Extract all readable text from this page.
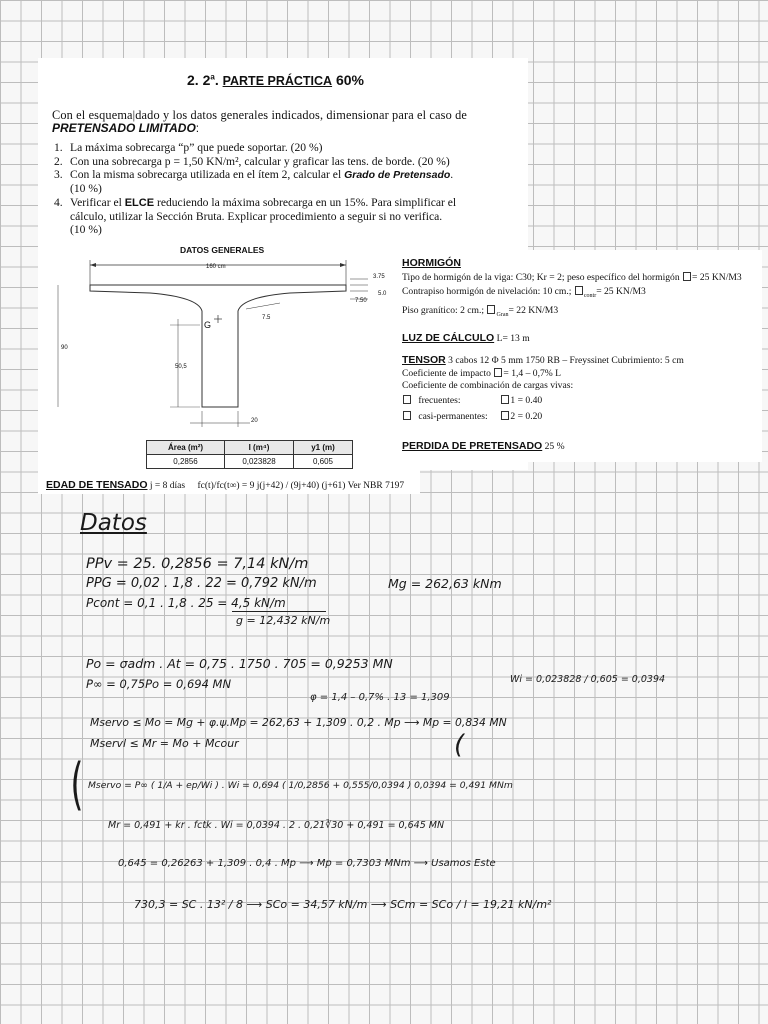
2. 2$^a$. PARTE PRÁCTICA 60%
Con el esquema|dado y los datos generales indicados, dimensionar para el caso de
PRETENSADO LIMITADO:
1. La máxima sobrecarga “p” que puede soportar. (20 %)
2. Con una sobrecarga p = 1,50 KN/m², calcular y graficar las tens. de borde. (20 %)
3. Con la misma sobrecarga utilizada en el ítem 2, calcular el Grado de Pretensado.
(10 %)
4. Verificar el ELCE reduciendo la máxima sobrecarga en un 15%. Para simplificar el
cálculo, utilizar la Sección Bruta. Explicar procedimiento a seguir si no verifica.
(10 %)
DATOS GENERALES
160 cm
3.75
5.0
7.50
7.5
90
50,5
20
G
Área (m²)	I (m⁴)	y1 (m)
0,2856	0,023828	0,605
HORMIGÓN
Tipo de hormigón de la viga: C30; Kr = 2; peso específico del hormigón = 25 KN/M3
Contrapiso hormigón de nivelación: 10 cm.; $_{contr}$= 25 KN/M3
Piso granítico: 2 cm.; $_{Gran}$= 22 KN/M3
LUZ DE CÁLCULO L= 13 m
TENSOR 3 cabos 12 Φ 5 mm 1750 RB – Freyssinet Cubrimiento: 5 cm
Coeficiente de impacto = 1,4 – 0,7% L
Coeficiente de combinación de cargas vivas:
frecuentes:	1 = 0.40
casi-permanentes: 2 = 0.20
PERDIDA DE PRETENSADO 25 %
EDAD DE TENSADO j = 8 días fc(t)/fc(t∞) = 9 j(j+42) / (9j+40) (j+61) Ver NBR 7197
Datos
PPv = 25. 0,2856 = 7,14 kN/m
PPG = 0,02 . 1,8 . 22 = 0,792 kN/m
Pcont = 0,1 . 1,8 . 25 = 4,5 kN/m
g = 12,432 kN/m
Mg = 262,63 kNm
Po = σadm . At = 0,75 . 1750 . 705 = 0,9253 MN
P∞ = 0,75Po = 0,694 MN
φ = 1,4 – 0,7% . 13 = 1,309
Wi = 0,023828 / 0,605 = 0,0394
Mservo ≤ Mo = Mg + φ.ψ.Mp = 262,63 + 1,309 . 0,2 . Mp ⟶ Mp = 0,834 MN
Mservl ≤ Mr = Mo + Mcour	(
( Mservo = P∞ ( 1/A + ep/Wi ) . Wi = 0,694 ( 1/0,2856 + 0,555/0,0394 ) 0,0394 = 0,491 MNm
Mr = 0,491 + kr . fctk . Wi = 0,0394 . 2 . 0,21∛30 + 0,491 = 0,645 MN
0,645 = 0,26263 + 1,309 . 0,4 . Mp ⟶ Mp = 0,7303 MNm ⟶ Usamos Este
730,3 = SC . 13² / 8 ⟶ SCo = 34,57 kN/m ⟶ SCm = SCo / l = 19,21 kN/m²
